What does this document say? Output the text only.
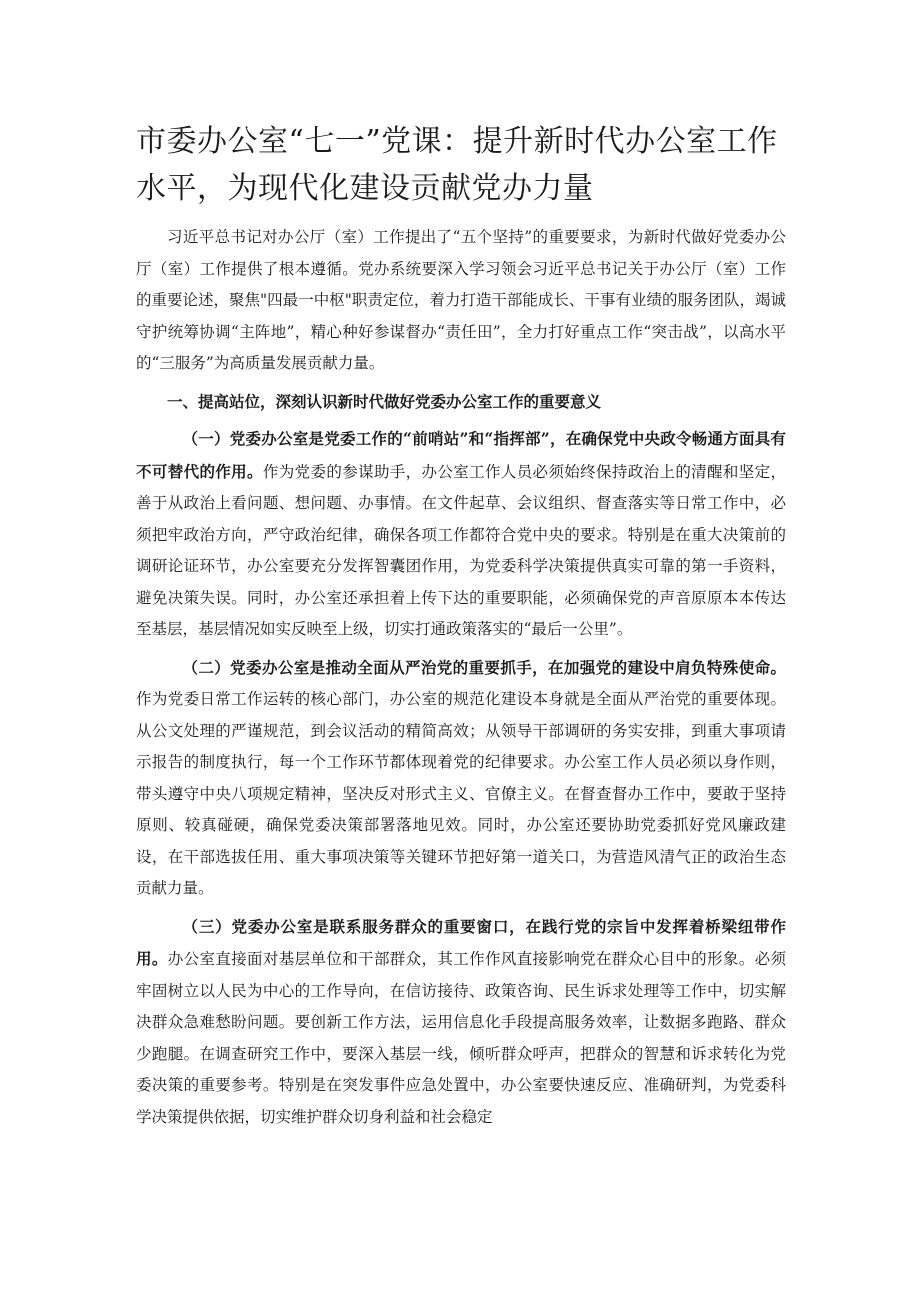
市委办公室“七一”党课：提升新时代办公室工作水平，为现代化建设贡献党办力量

习近平总书记对办公厅（室）工作提出了“五个坚持”的重要要求，为新时代做好党委办公厅（室）工作提供了根本遵循。党办系统要深入学习领会习近平总书记关于办公厅（室）工作的重要论述，聚焦"四最一中枢"职责定位，着力打造干部能成长、干事有业绩的服务团队，竭诚守护统筹协调“主阵地”，精心种好参谋督办“责任田”，全力打好重点工作“突击战”，以高水平的“三服务”为高质量发展贡献力量。

一、提高站位，深刻认识新时代做好党委办公室工作的重要意义

（一）党委办公室是党委工作的“前哨站”和“指挥部”，在确保党中央政令畅通方面具有不可替代的作用。作为党委的参谋助手，办公室工作人员必须始终保持政治上的清醒和坚定，善于从政治上看问题、想问题、办事情。在文件起草、会议组织、督查落实等日常工作中，必须把牢政治方向，严守政治纪律，确保各项工作都符合党中央的要求。特别是在重大决策前的调研论证环节，办公室要充分发挥智囊团作用，为党委科学决策提供真实可靠的第一手资料，避免决策失误。同时，办公室还承担着上传下达的重要职能，必须确保党的声音原原本本传达至基层，基层情况如实反映至上级，切实打通政策落实的“最后一公里”。

（二）党委办公室是推动全面从严治党的重要抓手，在加强党的建设中肩负特殊使命。作为党委日常工作运转的核心部门，办公室的规范化建设本身就是全面从严治党的重要体现。从公文处理的严谨规范，到会议活动的精简高效；从领导干部调研的务实安排，到重大事项请示报告的制度执行，每一个工作环节都体现着党的纪律要求。办公室工作人员必须以身作则，带头遵守中央八项规定精神，坚决反对形式主义、官僚主义。在督查督办工作中，要敢于坚持原则、较真碰硬，确保党委决策部署落地见效。同时，办公室还要协助党委抓好党风廉政建设，在干部选拔任用、重大事项决策等关键环节把好第一道关口，为营造风清气正的政治生态贡献力量。

（三）党委办公室是联系服务群众的重要窗口，在践行党的宗旨中发挥着桥梁纽带作用。办公室直接面对基层单位和干部群众，其工作作风直接影响党在群众心目中的形象。必须牢固树立以人民为中心的工作导向，在信访接待、政策咨询、民生诉求处理等工作中，切实解决群众急难愁盼问题。要创新工作方法，运用信息化手段提高服务效率，让数据多跑路、群众少跑腿。在调查研究工作中，要深入基层一线，倾听群众呼声，把群众的智慧和诉求转化为党委决策的重要参考。特别是在突发事件应急处置中，办公室要快速反应、准确研判，为党委科学决策提供依据，切实维护群众切身利益和社会稳定
